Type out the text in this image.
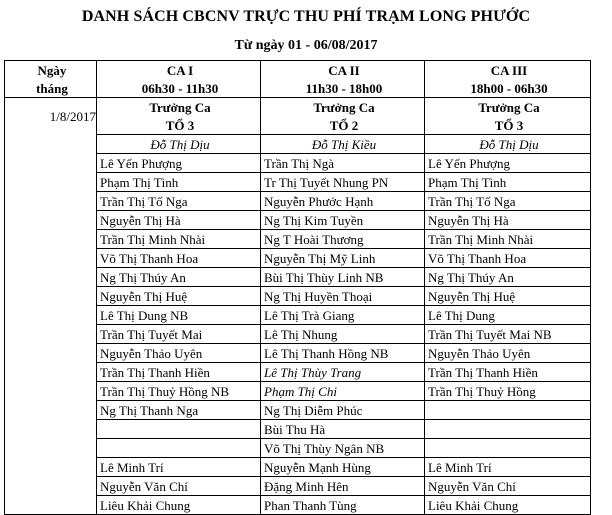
DANH SÁCH CBCNV TRỰC THU PHÍ TRẠM LONG PHƯỚC
Từ ngày 01 - 06/08/2017
Ngày	CA I	CA II	CA III
tháng	06h30 - 11h30	11h30 - 18h00	18h00 - 06h30
1/8/2017	Trưởng Ca	Trưởng Ca	Trưởng Ca
	TỔ 3	TỔ 2	TỔ 3
	Đỗ Thị Dịu	Đỗ Thị Kiều	Đỗ Thị Dịu
	Lê Yến Phượng	Trần Thị Ngà	Lê Yến Phượng
	Phạm Thị Tình	Tr Thị Tuyết Nhung PN	Phạm Thị Tình
	Trần Thị Tố Nga	Nguyễn Phước Hạnh	Trần Thị Tố Nga
	Nguyễn Thị Hà	Ng Thị Kim Tuyền	Nguyễn Thị Hà
	Trần Thị Minh Nhài	Ng T Hoài Thương	Trần Thị Minh Nhài
	Võ Thị Thanh Hoa	Nguyễn Thị Mỹ Linh	Võ Thị Thanh Hoa
	Ng Thị Thúy An	Bùi Thị Thùy Linh NB	Ng Thị Thúy An
	Nguyễn Thị Huệ	Ng Thị Huyền Thoại	Nguyễn Thị Huệ
	Lê Thị Dung NB	Lê Thị Trà Giang	Lê Thị Dung
	Trần Thị Tuyết Mai	Lê Thị Nhung	Trần Thị Tuyết Mai NB
	Nguyễn Thảo Uyên	Lê Thị Thanh Hồng NB	Nguyễn Thảo Uyên
	Trần Thị Thanh Hiền	Lê Thị Thùy Trang	Trần Thị Thanh Hiền
	Trần Thị Thuỷ Hồng NB	Phạm Thị Chi	Trần Thị Thuỷ Hồng
	Ng Thị Thanh Nga	Ng Thị Diễm Phúc	
		Bùi Thu Hà	
		Võ Thị Thùy Ngân NB	
	Lê Minh Trí	Nguyễn Mạnh Hùng	Lê Minh Trí
	Nguyễn Văn Chí	Đặng Minh Hên	Nguyễn Văn Chí
	Liêu Khải Chung	Phan Thanh Tùng	Liêu Khải Chung
